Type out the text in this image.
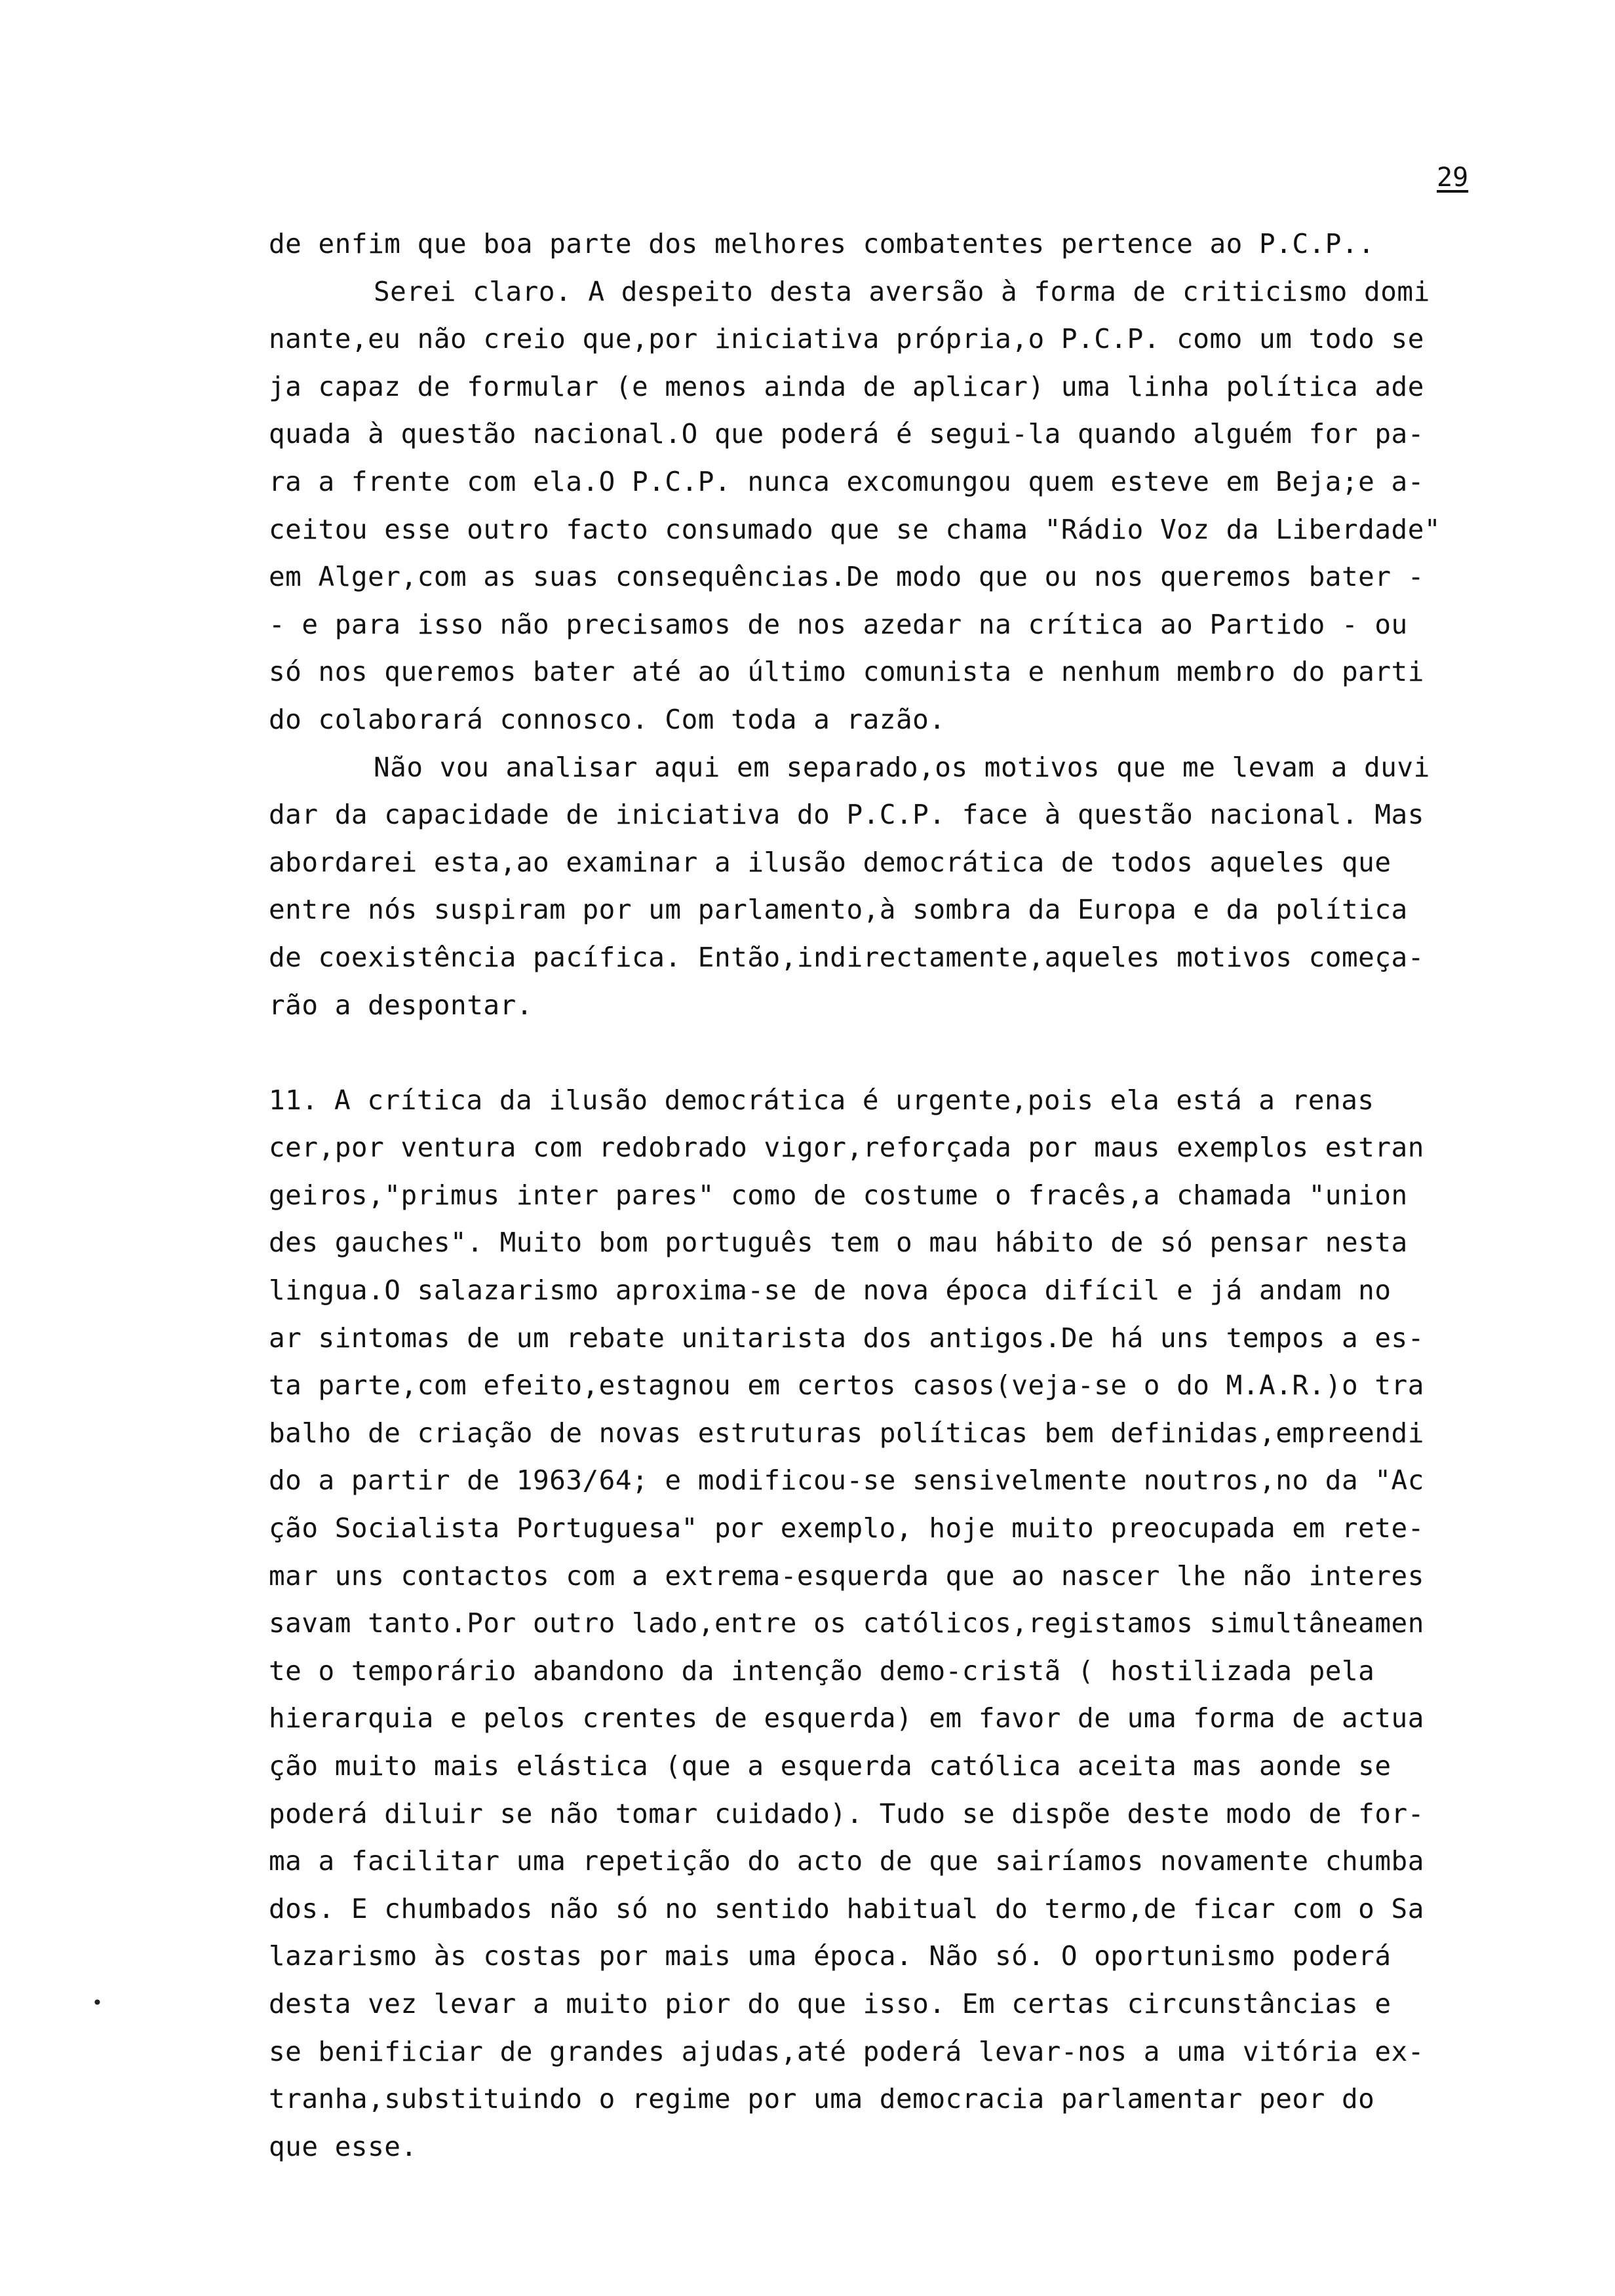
29
de enfim que boa parte dos melhores combatentes pertence ao P.C.P..
Serei claro. A despeito desta aversão à forma de criticismo domi
nante,eu não creio que,por iniciativa própria,o P.C.P. como um todo se
ja capaz de formular (e menos ainda de aplicar) uma linha política ade
quada à questão nacional.O que poderá é segui-la quando alguém for pa-
ra a frente com ela.O P.C.P. nunca excomungou quem esteve em Beja;e a-
ceitou esse outro facto consumado que se chama "Rádio Voz da Liberdade"
em Alger,com as suas consequências.De modo que ou nos queremos bater -
- e para isso não precisamos de nos azedar na crítica ao Partido - ou
só nos queremos bater até ao último comunista e nenhum membro do parti
do colaborará connosco. Com toda a razão.
Não vou analisar aqui em separado,os motivos que me levam a duvi
dar da capacidade de iniciativa do P.C.P. face à questão nacional. Mas
abordarei esta,ao examinar a ilusão democrática de todos aqueles que
entre nós suspiram por um parlamento,à sombra da Europa e da política
de coexistência pacífica. Então,indirectamente,aqueles motivos começa-
rão a despontar.
11. A crítica da ilusão democrática é urgente,pois ela está a renas
cer,por ventura com redobrado vigor,reforçada por maus exemplos estran
geiros,"primus inter pares" como de costume o fracês,a chamada "union
des gauches". Muito bom português tem o mau hábito de só pensar nesta
lingua.O salazarismo aproxima-se de nova época difícil e já andam no
ar sintomas de um rebate unitarista dos antigos.De há uns tempos a es-
ta parte,com efeito,estagnou em certos casos(veja-se o do M.A.R.)o tra
balho de criação de novas estruturas políticas bem definidas,empreendi
do a partir de 1963/64; e modificou-se sensivelmente noutros,no da "Ac
ção Socialista Portuguesa" por exemplo, hoje muito preocupada em rete-
mar uns contactos com a extrema-esquerda que ao nascer lhe não interes
savam tanto.Por outro lado,entre os católicos,registamos simultâneamen
te o temporário abandono da intenção demo-cristã ( hostilizada pela
hierarquia e pelos crentes de esquerda) em favor de uma forma de actua
ção muito mais elástica (que a esquerda católica aceita mas aonde se
poderá diluir se não tomar cuidado). Tudo se dispõe deste modo de for-
ma a facilitar uma repetição do acto de que sairíamos novamente chumba
dos. E chumbados não só no sentido habitual do termo,de ficar com o Sa
lazarismo às costas por mais uma época. Não só. O oportunismo poderá
desta vez levar a muito pior do que isso. Em certas circunstâncias e
se benificiar de grandes ajudas,até poderá levar-nos a uma vitória ex-
tranha,substituindo o regime por uma democracia parlamentar peor do
que esse.
•
